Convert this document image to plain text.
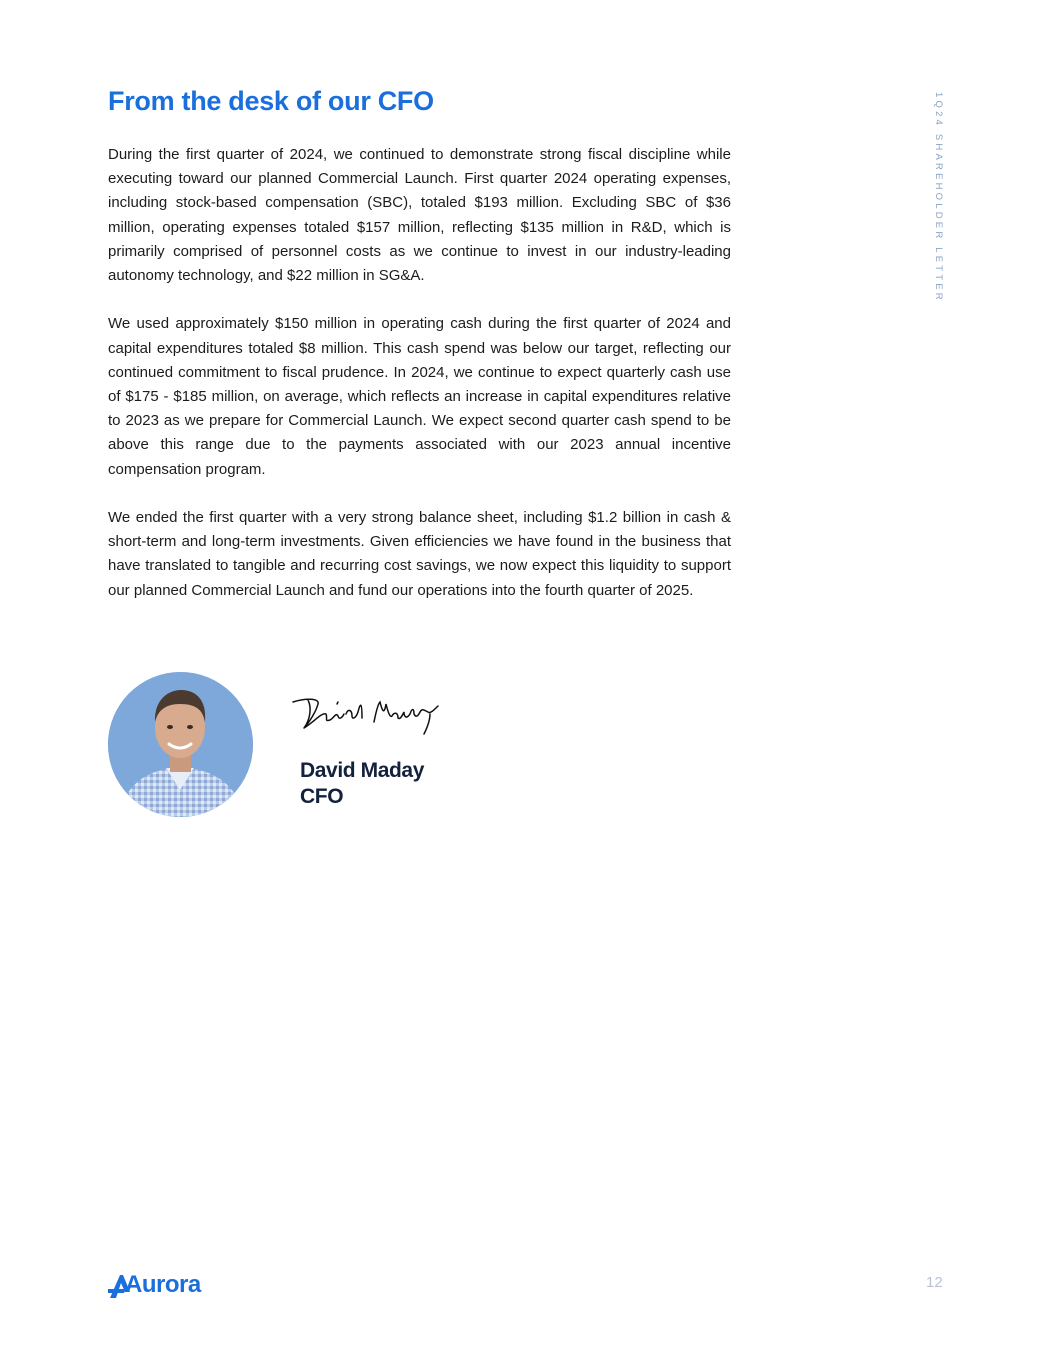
From the desk of our CFO	1Q24 SHAREHOLDER LETTER

During the first quarter of 2024, we continued to demonstrate strong fiscal discipline while executing toward our planned Commercial Launch. First quarter 2024 operating expenses, including stock-based compensation (SBC), totaled $193 million. Excluding SBC of $36 million, operating expenses totaled $157 million, reflecting $135 million in R&D, which is primarily comprised of personnel costs as we continue to invest in our industry-leading autonomy technology, and $22 million in SG&A.

We used approximately $150 million in operating cash during the first quarter of 2024 and capital expenditures totaled $8 million. This cash spend was below our target, reflecting our continued commitment to fiscal prudence. In 2024, we continue to expect quarterly cash use of $175 - $185 million, on average, which reflects an increase in capital expenditures relative to 2023 as we prepare for Commercial Launch. We expect second quarter cash spend to be above this range due to the payments associated with our 2023 annual incentive compensation program.

We ended the first quarter with a very strong balance sheet, including $1.2 billion in cash & short-term and long-term investments. Given efficiencies we have found in the business that have translated to tangible and recurring cost savings, we now expect this liquidity to support our planned Commercial Launch and fund our operations into the fourth quarter of 2025.

David Maday
CFO
Aurora	12
